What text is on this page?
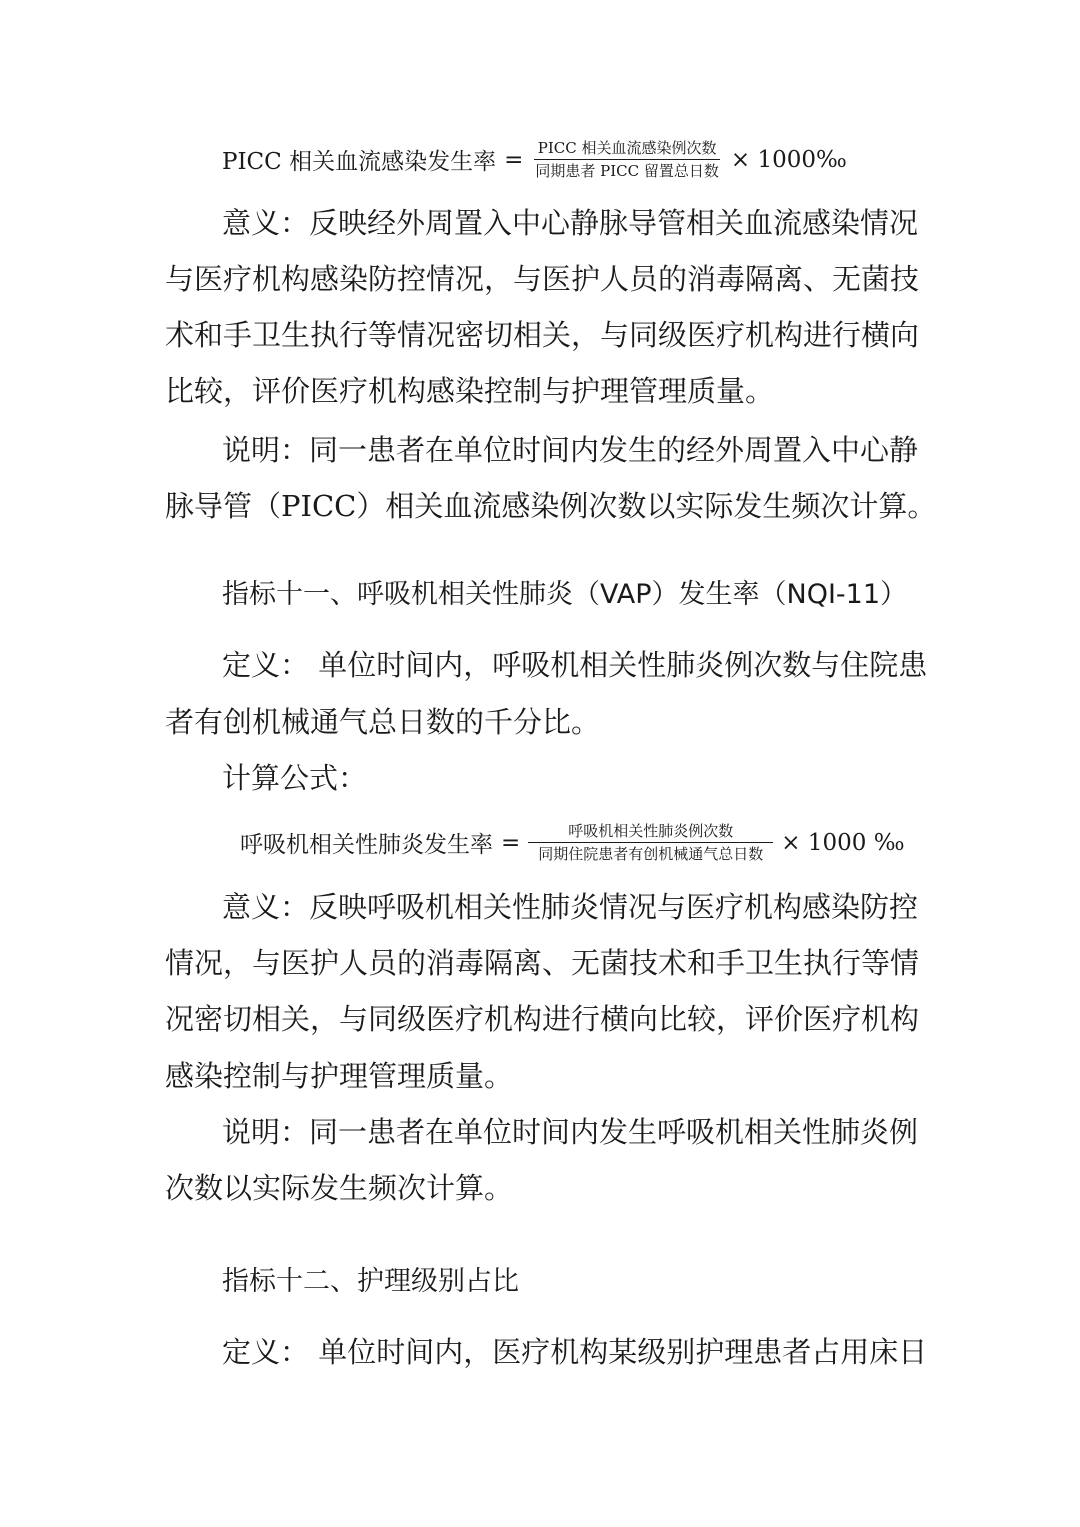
PICC 相关血流感染发生率 = $\frac{\text{PICC 相关血流感染例次数}}{\text{同期患者 PICC 留置总日数}}$ × 1000‰
意义：反映经外周置入中心静脉导管相关血流感染情况
与医疗机构感染防控情况，与医护人员的消毒隔离、无菌技
术和手卫生执行等情况密切相关，与同级医疗机构进行横向
比较，评价医疗机构感染控制与护理管理质量。
说明：同一患者在单位时间内发生的经外周置入中心静
脉导管（PICC）相关血流感染例次数以实际发生频次计算。
指标十一、呼吸机相关性肺炎（VAP）发生率（NQI-11）
定义： 单位时间内，呼吸机相关性肺炎例次数与住院患
者有创机械通气总日数的千分比。
计算公式：
呼吸机相关性肺炎发生率 = $\frac{\text{呼吸机相关性肺炎例次数}}{\text{同期住院患者有创机械通气总日数}} \times 1000$ ‰
意义：反映呼吸机相关性肺炎情况与医疗机构感染防控
情况，与医护人员的消毒隔离、无菌技术和手卫生执行等情
况密切相关，与同级医疗机构进行横向比较，评价医疗机构
感染控制与护理管理质量。
说明：同一患者在单位时间内发生呼吸机相关性肺炎例
次数以实际发生频次计算。
指标十二、护理级别占比
定义： 单位时间内，医疗机构某级别护理患者占用床日
